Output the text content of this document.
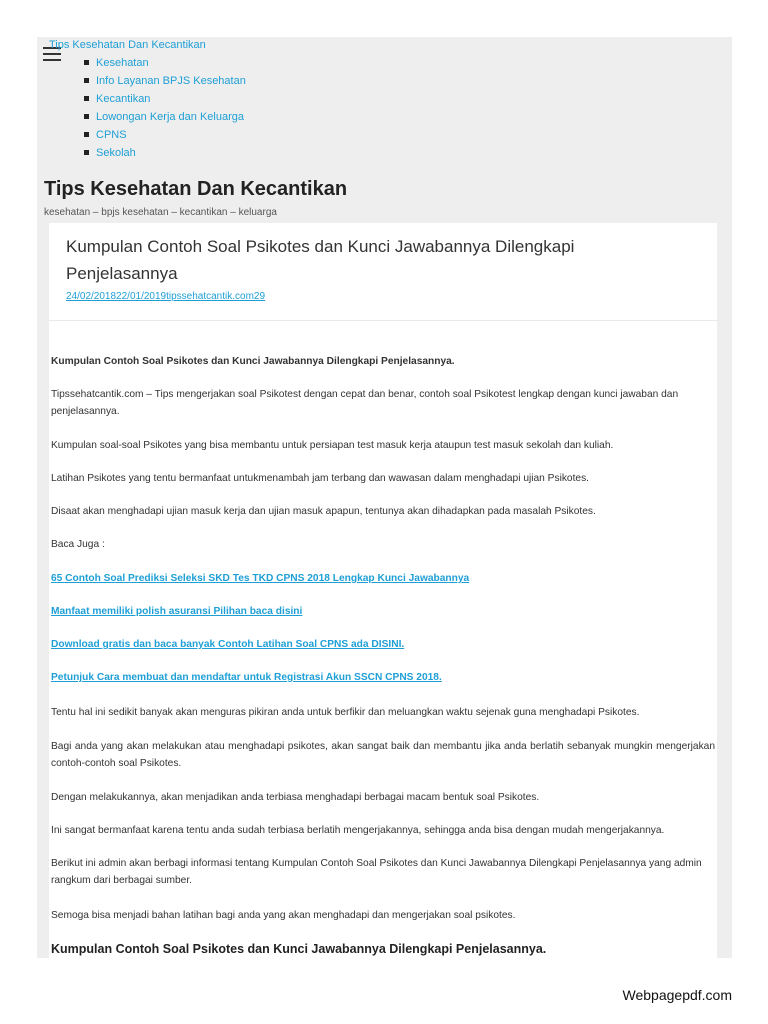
Tips Kesehatan Dan Kecantikan
Kesehatan
Info Layanan BPJS Kesehatan
Kecantikan
Lowongan Kerja dan Keluarga
CPNS
Sekolah
Tips Kesehatan Dan Kecantikan
kesehatan – bpjs kesehatan – kecantikan – keluarga
Kumpulan Contoh Soal Psikotes dan Kunci Jawabannya Dilengkapi Penjelasannya
24/02/201822/01/2019tipssehatcantik.com29

Kumpulan Contoh Soal Psikotes dan Kunci Jawabannya Dilengkapi Penjelasannya.

Tipssehatcantik.com – Tips mengerjakan soal Psikotest dengan cepat dan benar, contoh soal Psikotest lengkap dengan kunci jawaban dan penjelasannya.

Kumpulan soal-soal Psikotes yang bisa membantu untuk persiapan test masuk kerja ataupun test masuk sekolah dan kuliah.

Latihan Psikotes yang tentu bermanfaat untukmenambah jam terbang dan wawasan dalam menghadapi ujian Psikotes.

Disaat akan menghadapi ujian masuk kerja dan ujian masuk apapun, tentunya akan dihadapkan pada masalah Psikotes.

Baca Juga :

65 Contoh Soal Prediksi Seleksi SKD Tes TKD CPNS 2018 Lengkap Kunci Jawabannya
Manfaat memiliki polish asuransi Pilihan baca disini
Download gratis dan baca banyak Contoh Latihan Soal CPNS ada DISINI.
Petunjuk Cara membuat dan mendaftar untuk Registrasi Akun SSCN CPNS 2018.

Tentu hal ini sedikit banyak akan menguras pikiran anda untuk berfikir dan meluangkan waktu sejenak guna menghadapi Psikotes.

Bagi anda yang akan melakukan atau menghadapi psikotes, akan sangat baik dan membantu jika anda berlatih sebanyak mungkin mengerjakan contoh-contoh soal Psikotes.

Dengan melakukannya, akan menjadikan anda terbiasa menghadapi berbagai macam bentuk soal Psikotes.

Ini sangat bermanfaat karena tentu anda sudah terbiasa berlatih mengerjakannya, sehingga anda bisa dengan mudah mengerjakannya.

Berikut ini admin akan berbagi informasi tentang Kumpulan Contoh Soal Psikotes dan Kunci Jawabannya Dilengkapi Penjelasannya yang admin rangkum dari berbagai sumber.

Semoga bisa menjadi bahan latihan bagi anda yang akan menghadapi dan mengerjakan soal psikotes.

Kumpulan Contoh Soal Psikotes dan Kunci Jawabannya Dilengkapi Penjelasannya.
Webpagepdf.com
